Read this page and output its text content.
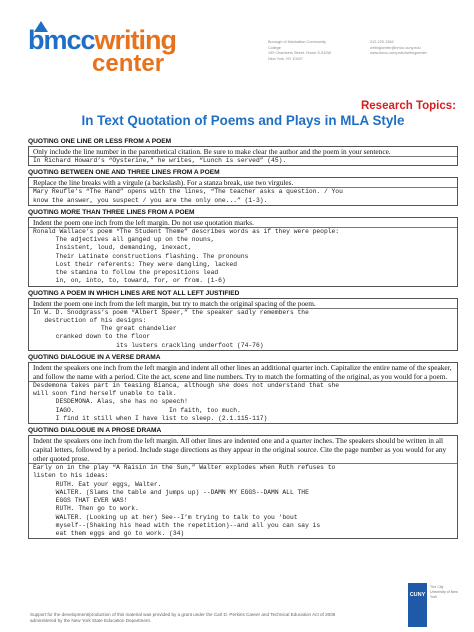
bmccwriting
center
Borough of Manhattan Community College
199 Chambers Street, Room S-510W
New York, NY 10007
212-220-1384
writingcenter@bmcc.cuny.edu
www.bmcc.cuny.edu/writingcenter
Research Topics:
In Text Quotation of Poems and Plays in MLA Style
QUOTING ONE LINE OR LESS FROM A POEM
Only include the line number in the parenthetical citation. Be sure to make clear the author and the poem in your sentence.
In Richard Howard’s “Oysterine,” he writes, “Lunch is served” (45).
QUOTING BETWEEN ONE AND THREE LINES FROM A POEM
Replace the line breaks with a virgule (a backslash). For a stanza break, use two virgules.
Mary Reufle’s “The Hand” opens with the lines, “The teacher asks a question. / You
know the answer, you suspect / you are the only one...” (1-3).
QUOTING MORE THAN THREE LINES FROM A POEM
Indent the poem one inch from the left margin. Do not use quotation marks.
Ronald Wallace’s poem “The Student Theme” describes words as if they were people:
The adjectives all ganged up on the nouns,
Insistent, loud, demanding, inexact,
Their Latinate constructions flashing. The pronouns
Lost their referents: They were dangling, lacked
the stamina to follow the prepositions lead
in, on, into, to, toward, for, or from. (1-6)
QUOTING A POEM IN WHICH LINES ARE NOT ALL LEFT JUSTIFIED
Indent the poem one inch from the left margin, but try to match the original spacing of the poem.
In W. D. Snodgrass’s poem “Albert Speer,” the speaker sadly remembers the
destruction of his designs:
The great chandelier
cranked down to the floor
its lusters crackling underfoot (74-76)
QUOTING DIALOGUE IN A VERSE DRAMA
Indent the speakers one inch from the left margin and indent all other lines an additional quarter inch. Capitalize the entire name of the speaker, and follow the name with a period. Cite the act, scene and line numbers. Try to match the formatting of the original, as you would for a poem.
Desdemona takes part in teasing Bianca, although she does not understand that she
will soon find herself unable to talk.
DESDEMONA. Alas, she has no speech!
IAGO.                         In faith, too much.
I find it still when I have list to sleep. (2.1.115-117)
QUOTING DIALOGUE IN A PROSE DRAMA
Indent the speakers one inch from the left margin. All other lines are indented one and a quarter inches. The speakers should be written in all capital letters, followed by a period. Include stage directions as they appear in the original source. Cite the page number as you would for any other quoted prose.
Early on in the play “A Raisin in the Sun,” Walter explodes when Ruth refuses to
listen to his ideas:
RUTH. Eat your eggs, Walter.
WALTER. (Slams the table and jumps up) --DAMN MY EGGS--DAMN ALL THE
EGGS THAT EVER WAS!
RUTH. Then go to work.
WALTER. (Looking up at her) See--I’m trying to talk to you ’bout
myself--(Shaking his head with the repetition)--and all you can say is
eat them eggs and go to work. (34)
Support for the development/production of this material was provided by a grant under the Carl D. Perkins Career and Technical Education Act of 2006 administered by the New York State Education Department.
CUNY
The City University of New York
